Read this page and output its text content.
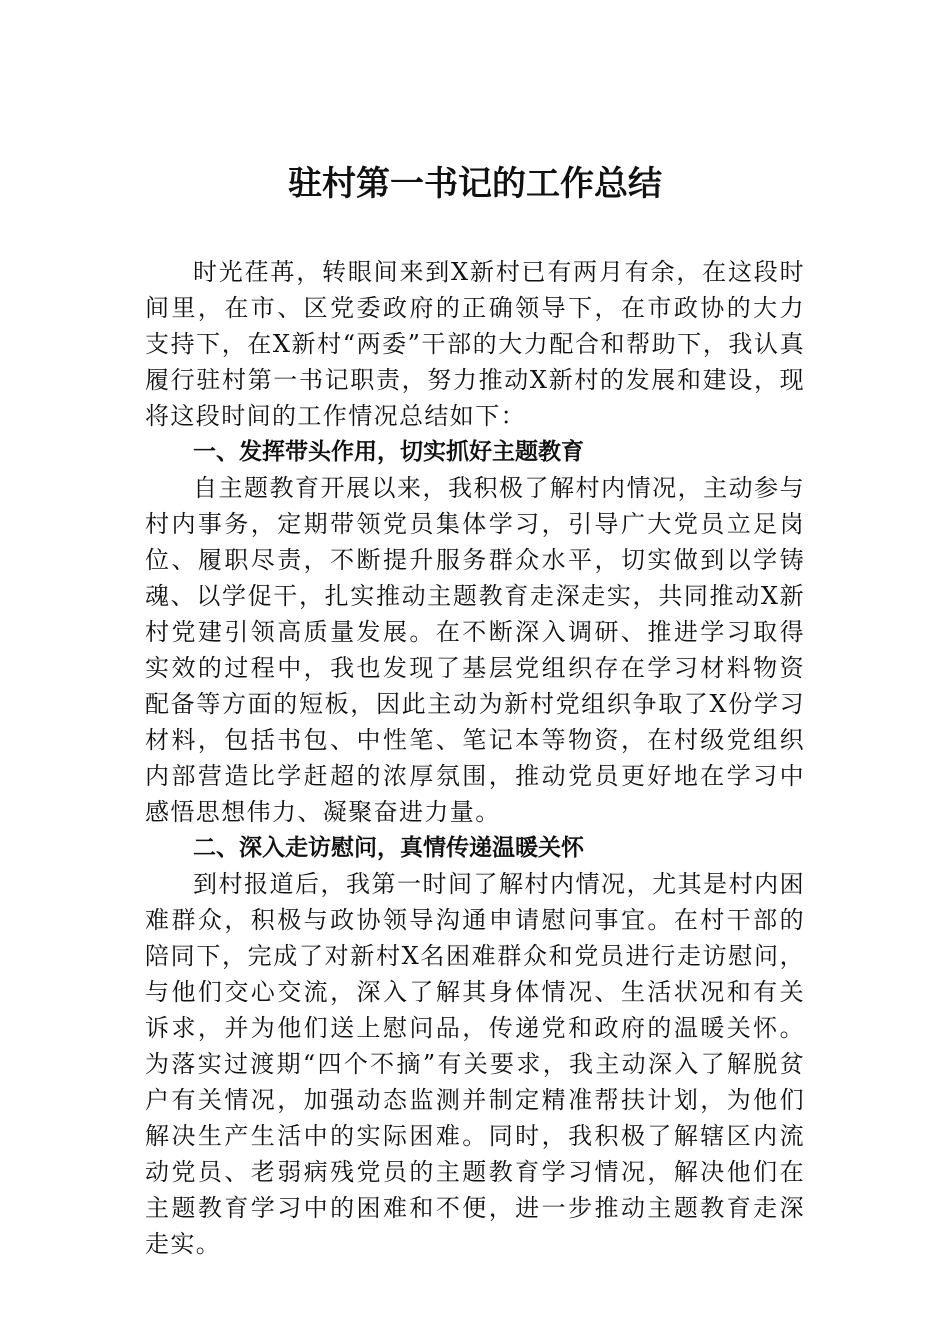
驻村第一书记的工作总结

时光荏苒，转眼间来到X新村已有两月有余，在这段时间里，在市、区党委政府的正确领导下，在市政协的大力支持下，在X新村“两委”干部的大力配合和帮助下，我认真履行驻村第一书记职责，努力推动X新村的发展和建设，现将这段时间的工作情况总结如下：

一、发挥带头作用，切实抓好主题教育

自主题教育开展以来，我积极了解村内情况，主动参与村内事务，定期带领党员集体学习，引导广大党员立足岗位、履职尽责，不断提升服务群众水平，切实做到以学铸魂、以学促干，扎实推动主题教育走深走实，共同推动X新村党建引领高质量发展。在不断深入调研、推进学习取得实效的过程中，我也发现了基层党组织存在学习材料物资配备等方面的短板，因此主动为新村党组织争取了X份学习材料，包括书包、中性笔、笔记本等物资，在村级党组织内部营造比学赶超的浓厚氛围，推动党员更好地在学习中感悟思想伟力、凝聚奋进力量。

二、深入走访慰问，真情传递温暖关怀

到村报道后，我第一时间了解村内情况，尤其是村内困难群众，积极与政协领导沟通申请慰问事宜。在村干部的陪同下，完成了对新村X名困难群众和党员进行走访慰问，与他们交心交流，深入了解其身体情况、生活状况和有关诉求，并为他们送上慰问品，传递党和政府的温暖关怀。为落实过渡期“四个不摘”有关要求，我主动深入了解脱贫户有关情况，加强动态监测并制定精准帮扶计划，为他们解决生产生活中的实际困难。同时，我积极了解辖区内流动党员、老弱病残党员的主题教育学习情况，解决他们在主题教育学习中的困难和不便，进一步推动主题教育走深走实。
